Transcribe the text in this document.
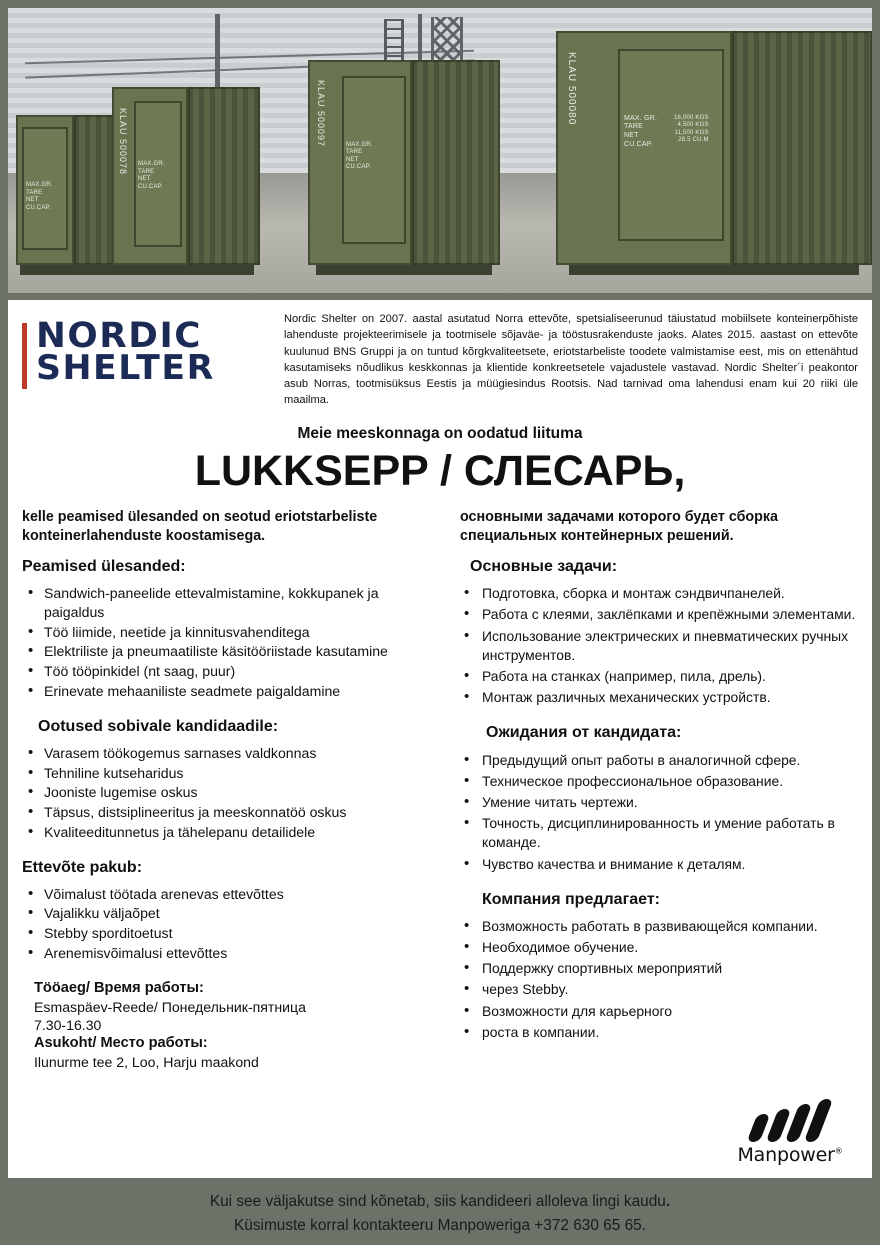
MAX.GR.
TARE
NET
CU.CAP.
KLAU 500078 MAX.GR.
TARE
NET
CU.CAP.
KLAU 500097	MAX.GR.
TARE
NET
CU.CAP.
KLAU 500080	MAX. GR.
TARE
NET
CU.CAP.
16,000 KGS
4,500 KGS
11,500 KGS
28.5 CU.M
NORDIC
SHELTER
Nordic Shelter on 2007. aastal asutatud Norra ettevõte, spetsialiseerunud täiustatud mobiilsete konteinerpõhiste lahenduste projekteerimisele ja tootmisele sõjaväe- ja tööstusrakenduste jaoks. Alates 2015. aastast on ettevõte kuulunud BNS Gruppi ja on tuntud kõrgkvaliteetsete, eriotstarbeliste toodete valmistamise eest, mis on ettenähtud kasutamiseks nõudlikus keskkonnas ja klientide konkreetsetele vajadustele vastavad. Nordic Shelter´i peakontor asub Norras, tootmisüksus Eestis ja müügiesindus Rootsis. Nad tarnivad oma lahendusi enam kui 20 riiki üle maailma.
Meie meeskonnaga on oodatud liituma
LUKKSEPP / СЛЕСАРЬ,

kelle peamised ülesanded on seotud eriotstarbeliste konteinerlahenduste koostamisega.

Peamised ülesanded:
• Sandwich-paneelide ettevalmistamine, kokkupanek ja paigaldus
• Töö liimide, neetide ja kinnitusvahenditega
• Elektriliste ja pneumaatiliste käsitööriistade kasutamine
• Töö tööpinkidel (nt saag, puur)
• Erinevate mehaaniliste seadmete paigaldamine
Ootused sobivale kandidaadile:
• Varasem töökogemus sarnases valdkonnas
• Tehniline kutseharidus
• Jooniste lugemise oskus
• Täpsus, distsiplineeritus ja meeskonnatöö oskus
• Kvaliteeditunnetus ja tähelepanu detailidele
Ettevõte pakub:
• Võimalust töötada arenevas ettevõttes
• Vajalikku väljaõpet
• Stebby sporditoetust
• Arenemisvõimalusi ettevõttes
Tööaeg/ Время работы:
Esmaspäev-Reede/ Понедельник-пятница
7.30-16.30
Asukoht/ Место работы:
Ilunurme tee 2, Loo, Harju maakond

основными задачами которого будет сборка специальных контейнерных решений.

Основные задачи:
• Подготовка, сборка и монтаж сэндвичпанелей.
• Работа с клеями, заклёпками и крепёжными элементами.
• Использование электрических и пневматических ручных инструментов.
• Работа на станках (например, пила, дрель).
• Монтаж различных механических устройств.
Ожидания от кандидата:
• Предыдущий опыт работы в аналогичной сфере.
• Техническое профессиональное образование.
• Умение читать чертежи.
• Точность, дисциплинированность и умение работать в команде.
• Чувство качества и внимание к деталям.
Компания предлагает:
• Возможность работать в развивающейся компании.
• Необходимое обучение.
• Поддержку спортивных мероприятий
• через Stebby.
• Возможности для карьерного
• роста в компании.
Manpower®
Kui see väljakutse sind kõnetab, siis kandideeri alloleva lingi kaudu.
Küsimuste korral kontakteeru Manpoweriga +372 630 65 65.
